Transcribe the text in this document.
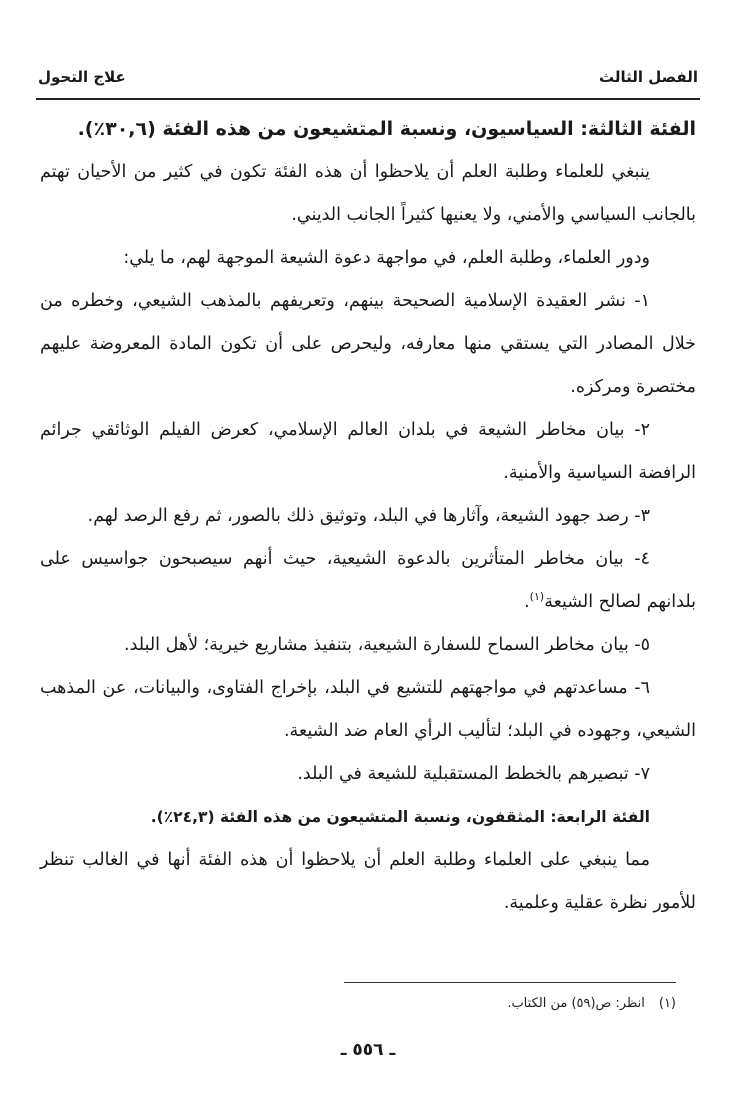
الفصل الثالث
علاج التحول

الفئة الثالثة: السياسيون، ونسبة المتشيعون من هذه الفئة (٣٠,٦٪).

ينبغي للعلماء وطلبة العلم أن يلاحظوا أن هذه الفئة تكون في كثير من الأحيان تهتم بالجانب السياسي والأمني، ولا يعنيها كثيراً الجانب الديني.

ودور العلماء، وطلبة العلم، في مواجهة دعوة الشيعة الموجهة لهم، ما يلي:

١- نشر العقيدة الإسلامية الصحيحة بينهم، وتعريفهم بالمذهب الشيعي، وخطره من خلال المصادر التي يستقي منها معارفه، وليحرص على أن تكون المادة المعروضة عليهم مختصرة ومركزه.

٢- بيان مخاطر الشيعة في بلدان العالم الإسلامي، كعرض الفيلم الوثائقي جرائم الرافضة السياسية والأمنية.

٣- رصد جهود الشيعة، وآثارها في البلد، وتوثيق ذلك بالصور، ثم رفع الرصد لهم.

٤- بيان مخاطر المتأثرين بالدعوة الشيعية، حيث أنهم سيصبحون جواسيس على بلدانهم لصالح الشيعة$^{(١)}$.

٥- بيان مخاطر السماح للسفارة الشيعية، بتنفيذ مشاريع خيرية؛ لأهل البلد.

٦- مساعدتهم في مواجهتهم للتشيع في البلد، بإخراج الفتاوى، والبيانات، عن المذهب الشيعي، وجهوده في البلد؛ لتأليب الرأي العام ضد الشيعة.

٧- تبصيرهم بالخطط المستقبلية للشيعة في البلد.

الفئة الرابعة: المثقفون، ونسبة المتشيعون من هذه الفئة (٢٤,٣٪).

مما ينبغي على العلماء وطلبة العلم أن يلاحظوا أن هذه الفئة أنها في الغالب تنظر للأمور نظرة عقلية وعلمية.

(١)انظر: ص(٥٩) من الكتاب.
ـ ٥٥٦ ـ
